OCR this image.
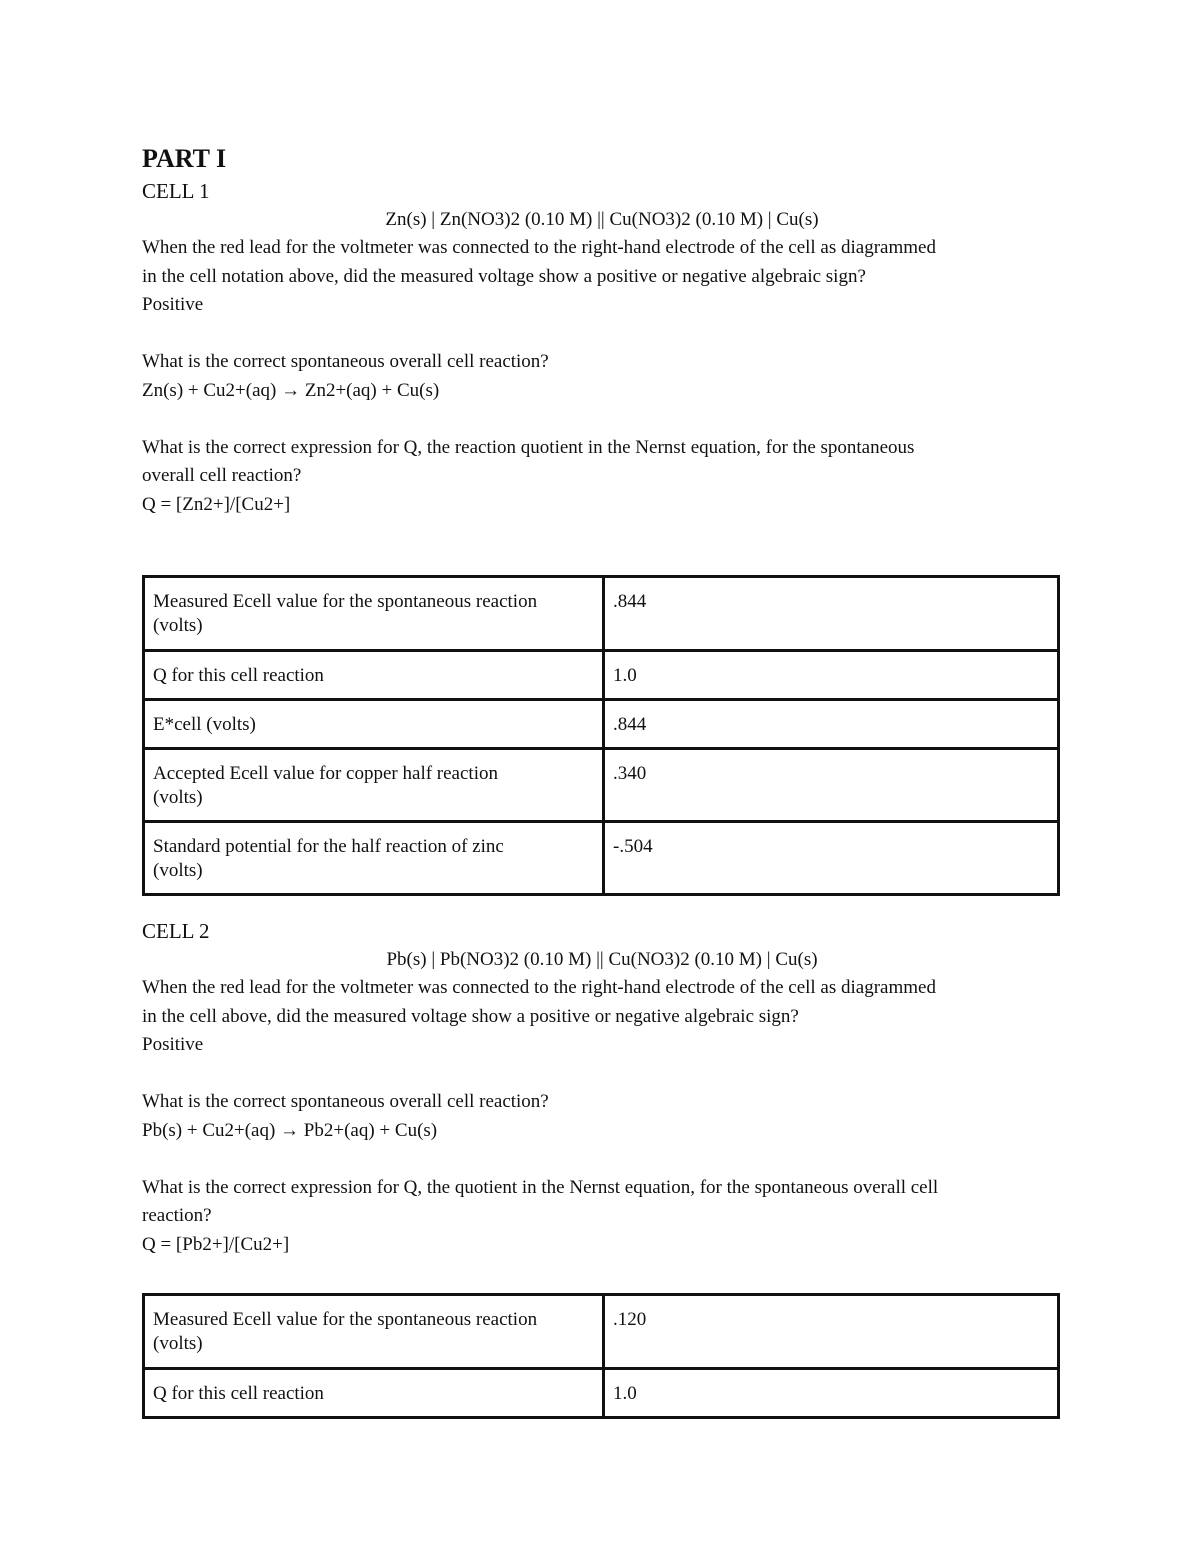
PART I

CELL 1

Zn(s) | Zn(NO3)2 (0.10 M) || Cu(NO3)2 (0.10 M) | Cu(s)

When the red lead for the voltmeter was connected to the right-hand electrode of the cell as diagrammed

in the cell notation above, did the measured voltage show a positive or negative algebraic sign?

Positive

What is the correct spontaneous overall cell reaction?

Zn(s) + Cu2+(aq) → Zn2+(aq) + Cu(s)

What is the correct expression for Q, the reaction quotient in the Nernst equation, for the spontaneous

overall cell reaction?

Q = [Zn2+]/[Cu2+]

Measured Ecell value for the spontaneous reaction
(volts)	.844

Q for this cell reaction	1.0

E*cell (volts)	.844

Accepted Ecell value for copper half reaction
(volts)	.340

Standard potential for the half reaction of zinc
(volts)	-.504

CELL 2

Pb(s) | Pb(NO3)2 (0.10 M) || Cu(NO3)2 (0.10 M) | Cu(s)

When the red lead for the voltmeter was connected to the right-hand electrode of the cell as diagrammed

in the cell above, did the measured voltage show a positive or negative algebraic sign?

Positive

What is the correct spontaneous overall cell reaction?

Pb(s) + Cu2+(aq) → Pb2+(aq) + Cu(s)

What is the correct expression for Q, the quotient in the Nernst equation, for the spontaneous overall cell

reaction?

Q = [Pb2+]/[Cu2+]

Measured Ecell value for the spontaneous reaction
(volts)	.120

Q for this cell reaction	1.0
